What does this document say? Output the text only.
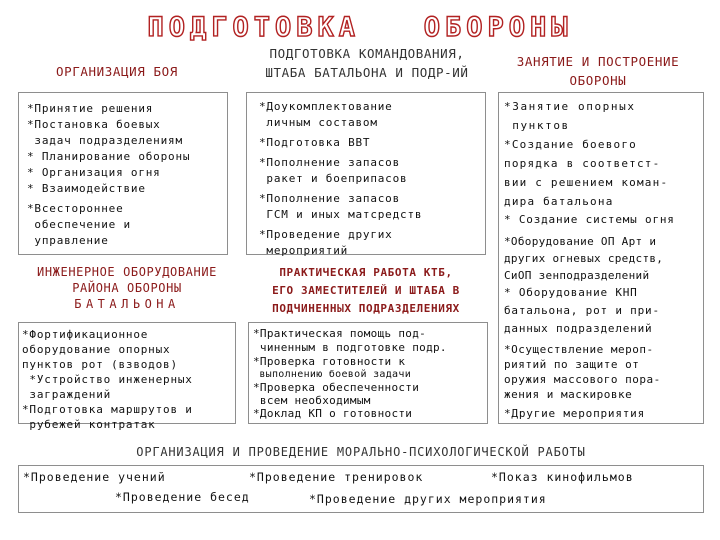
ПОДГОТОВКА   ОБОРОНЫ
ОРГАНИЗАЦИЯ БОЯ
ПОДГОТОВКА КОМАНДОВАНИЯ,
ШТАБА БАТАЛЬОНА И ПОДР-ИЙ
ЗАНЯТИЕ И ПОСТРОЕНИЕ
ОБОРОНЫ
*Принятие решения
*Постановка боевых
задач подразделениям
* Планирование обороны
* Организация огня
* Взаимодействие
*Всестороннее
обеспечение и
управление
*Доукомплектование
личным составом
*Подготовка ВВТ
*Пополнение запасов
ракет и боеприпасов
*Пополнение запасов
ГСМ и иных матсредств
*Проведение других
мероприятий
*Занятие опорных
пунктов
*Создание боевого
порядка в соответст-
вии с решением коман-
дира батальона
* Создание системы огня
*Оборудование ОП Арт и
других огневых средств,
СиОП зенподразделений
* Оборудование КНП
батальона, рот и при-
данных подразделений
*Осуществление мероп-
риятий по защите от
оружия массового пора-
жения и маскировке
*Другие мероприятия
ИНЖЕНЕРНОЕ ОБОРУДОВАНИЕ
РАЙОНА ОБОРОНЫ
БАТАЛЬОНА
ПРАКТИЧЕСКАЯ РАБОТА КТБ,
ЕГО ЗАМЕСТИТЕЛЕЙ И ШТАБА В
ПОДЧИНЕННЫХ ПОДРАЗДЕЛЕНИЯХ
*Фортификационное
оборудование опорных
пунктов рот (взводов)
*Устройство инженерных
заграждений
*Подготовка маршрутов и
рубежей контратак
*Практическая помощь под-
чиненным в подготовке подр.
*Проверка готовности к
выполнению боевой задачи
*Проверка обеспеченности
всем необходимым
*Доклад КП о готовности
ОРГАНИЗАЦИЯ И ПРОВЕДЕНИЕ МОРАЛЬНО-ПСИХОЛОГИЧЕСКОЙ РАБОТЫ
*Проведение учений	*Проведение тренировок	*Показ кинофильмов
*Проведение бесед	*Проведение других мероприятия
